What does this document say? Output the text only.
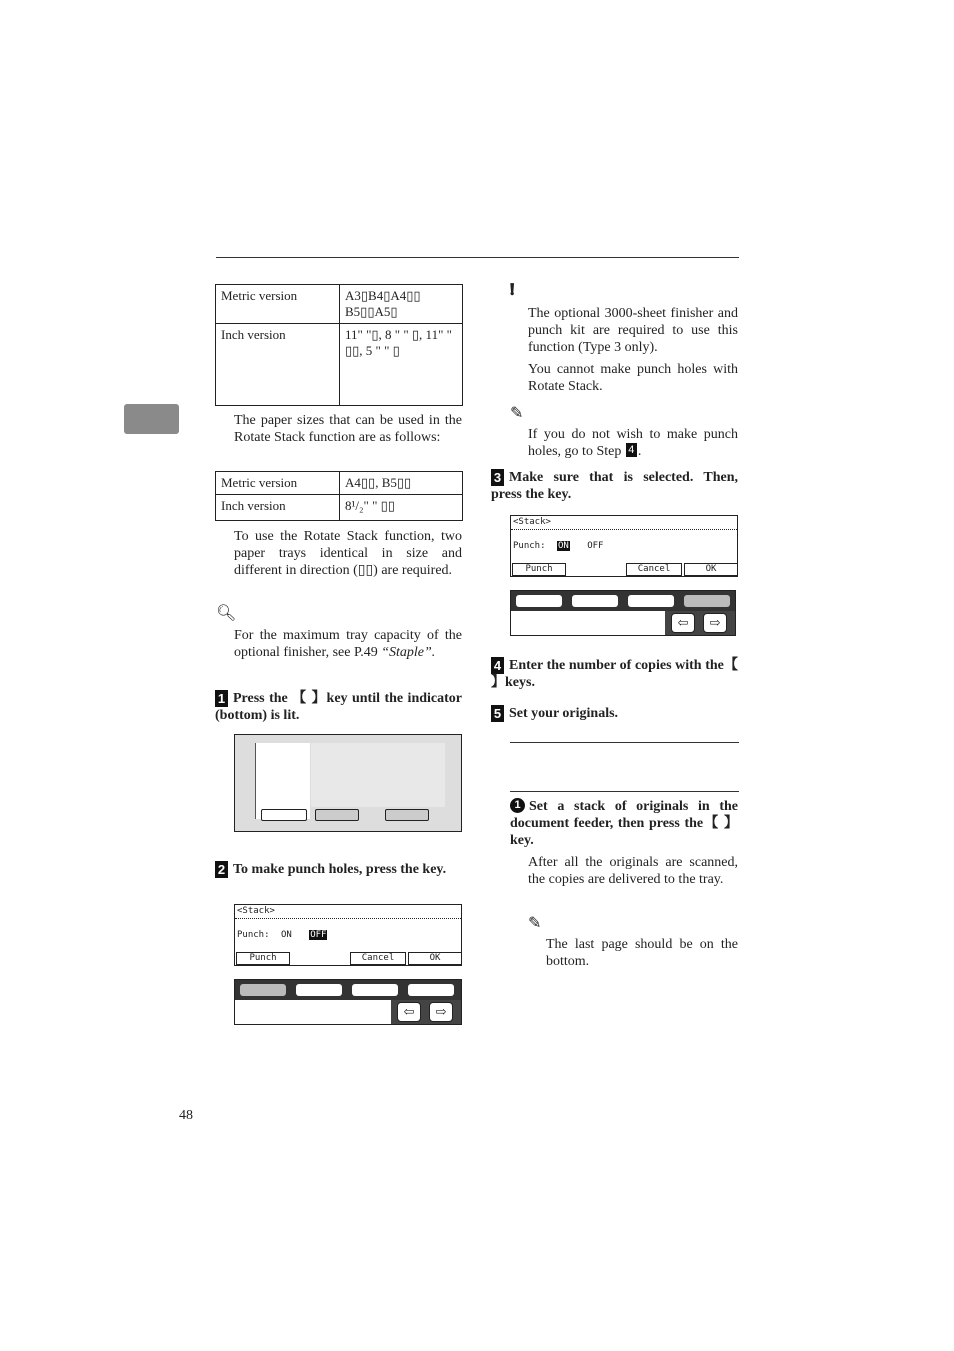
Metric version	A3▯B4▯A4▯▯ B5▯▯A5▯
Inch version	11" "▯, 8 " " ▯, 11" " ▯▯, 5 " " ▯
The paper sizes that can be used in the Rotate Stack function are as follows:
Metric version	A4▯▯, B5▯▯
Inch version	8¹/₂" " ▯▯
To use the Rotate Stack function, two paper trays identical in size and different in direction (▯▯) are required.
🔍︎
For the maximum tray capacity of the optional finisher, see P.49 “Staple”.
1 Press the 【 】key until the indicator (bottom) is lit.
2 To make punch holes, press the key.
<Stack>
Punch: ON OFF
Punch	Cancel	OK
⇦	⇨
48
❗︎
The optional 3000-sheet finisher and punch kit are required to use this function (Type 3 only).
You cannot make punch holes with Rotate Stack.
✎
If you do not wish to make punch holes, go to Step 4 .
3 Make sure that is selected. Then, press the key.
<Stack>
Punch: ON OFF
Punch	Cancel	OK
⇦	⇨
4 Enter the number of copies with the【 】keys.
5 Set your originals.
1 Set a stack of originals in the document feeder, then press the【 】key.
After all the originals are scanned, the copies are delivered to the tray.
✎
The last page should be on the bottom.
